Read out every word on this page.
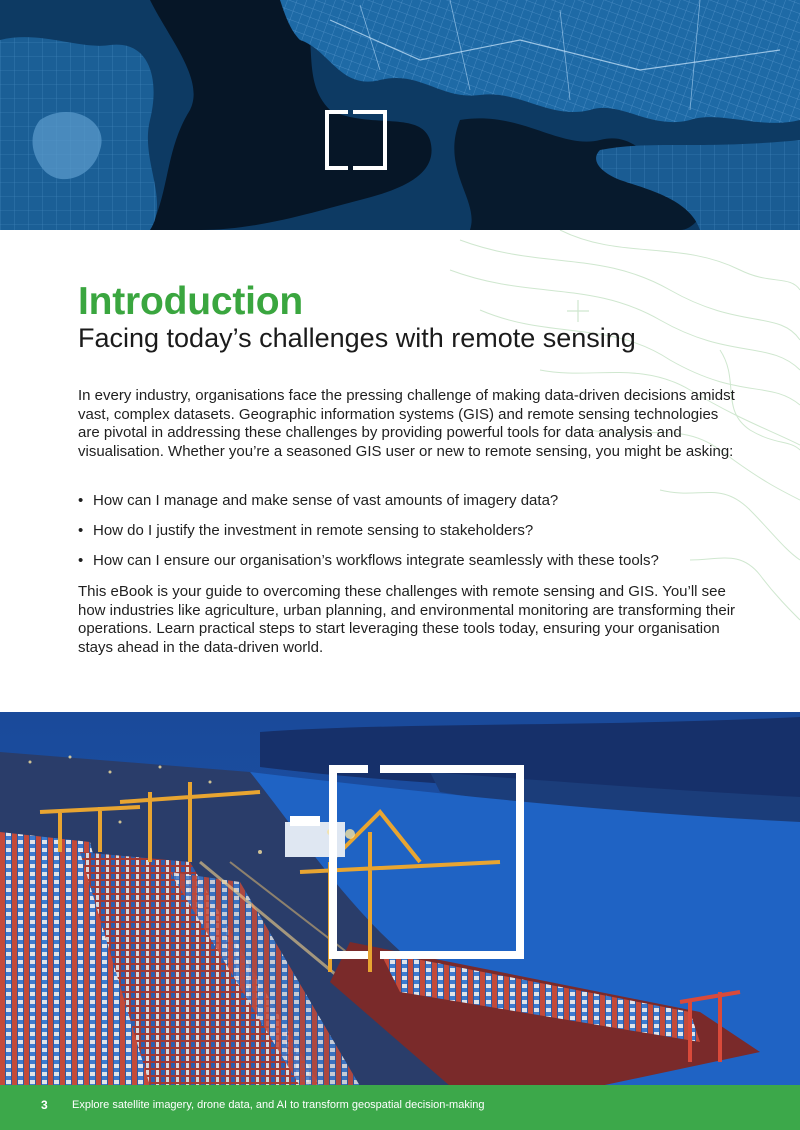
Introduction
Facing today’s challenges with remote sensing

In every industry, organisations face the pressing challenge of making data-driven decisions amidst vast, complex datasets. Geographic information systems (GIS) and remote sensing technologies are pivotal in addressing these challenges by providing powerful tools for data analysis and visualisation. Whether you’re a seasoned GIS user or new to remote sensing, you might be asking:

• How can I manage and make sense of vast amounts of imagery data?
• How do I justify the investment in remote sensing to stakeholders?
• How can I ensure our organisation’s workflows integrate seamlessly with these tools?

This eBook is your guide to overcoming these challenges with remote sensing and GIS. You’ll see how industries like agriculture, urban planning, and environmental monitoring are transforming their operations. Learn practical steps to start leveraging these tools today, ensuring your organisation stays ahead in the data-driven world.

3 Explore satellite imagery, drone data, and AI to transform geospatial decision-making
